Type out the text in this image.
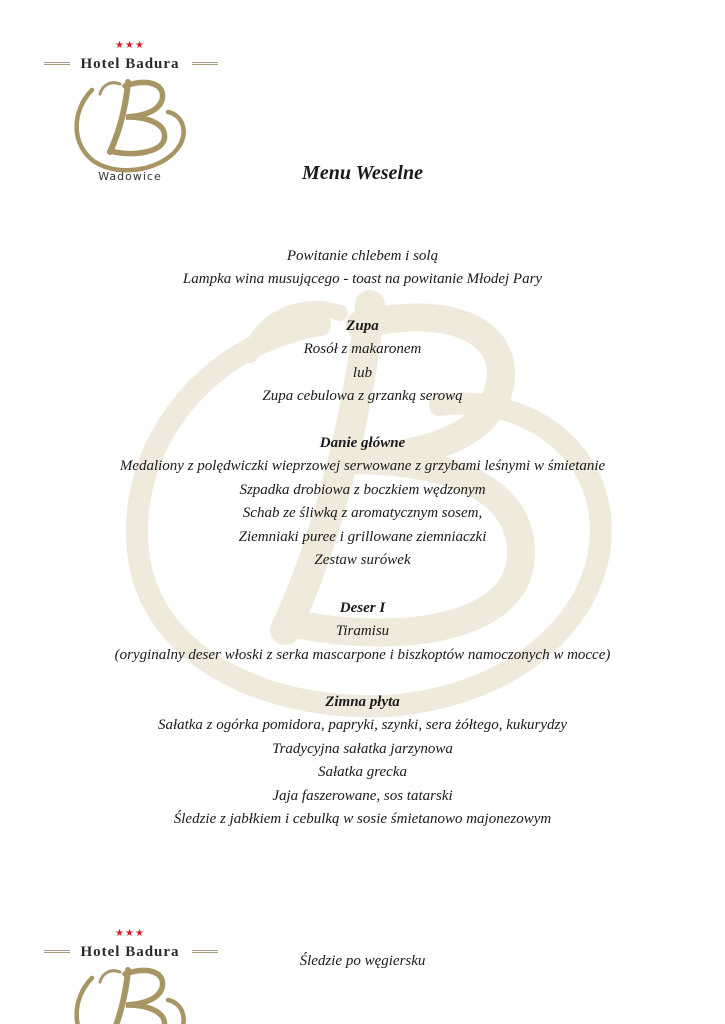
★★★
Hotel Badura
Wadowice	Menu Weselne
Powitanie chlebem i solą
Lampka wina musującego - toast na powitanie Młodej Pary
Zupa
Rosół z makaronem
lub
Zupa cebulowa z grzanką serową
Danie główne
Medaliony z polędwiczki wieprzowej serwowane z grzybami leśnymi w śmietanie
Szpadka drobiowa z boczkiem wędzonym
Schab ze śliwką z aromatycznym sosem,
Ziemniaki puree i grillowane ziemniaczki
Zestaw surówek
Deser I
Tiramisu
(oryginalny deser włoski z serka mascarpone i biszkoptów namoczonych w mocce)
Zimna płyta
Sałatka z ogórka pomidora, papryki, szynki, sera żółtego, kukurydzy
Tradycyjna sałatka jarzynowa
Sałatka grecka
Jaja faszerowane, sos tatarski
Śledzie z jabłkiem i cebulką w sosie śmietanowo majonezowym
★★★
Hotel Badura
Śledzie po węgiersku
